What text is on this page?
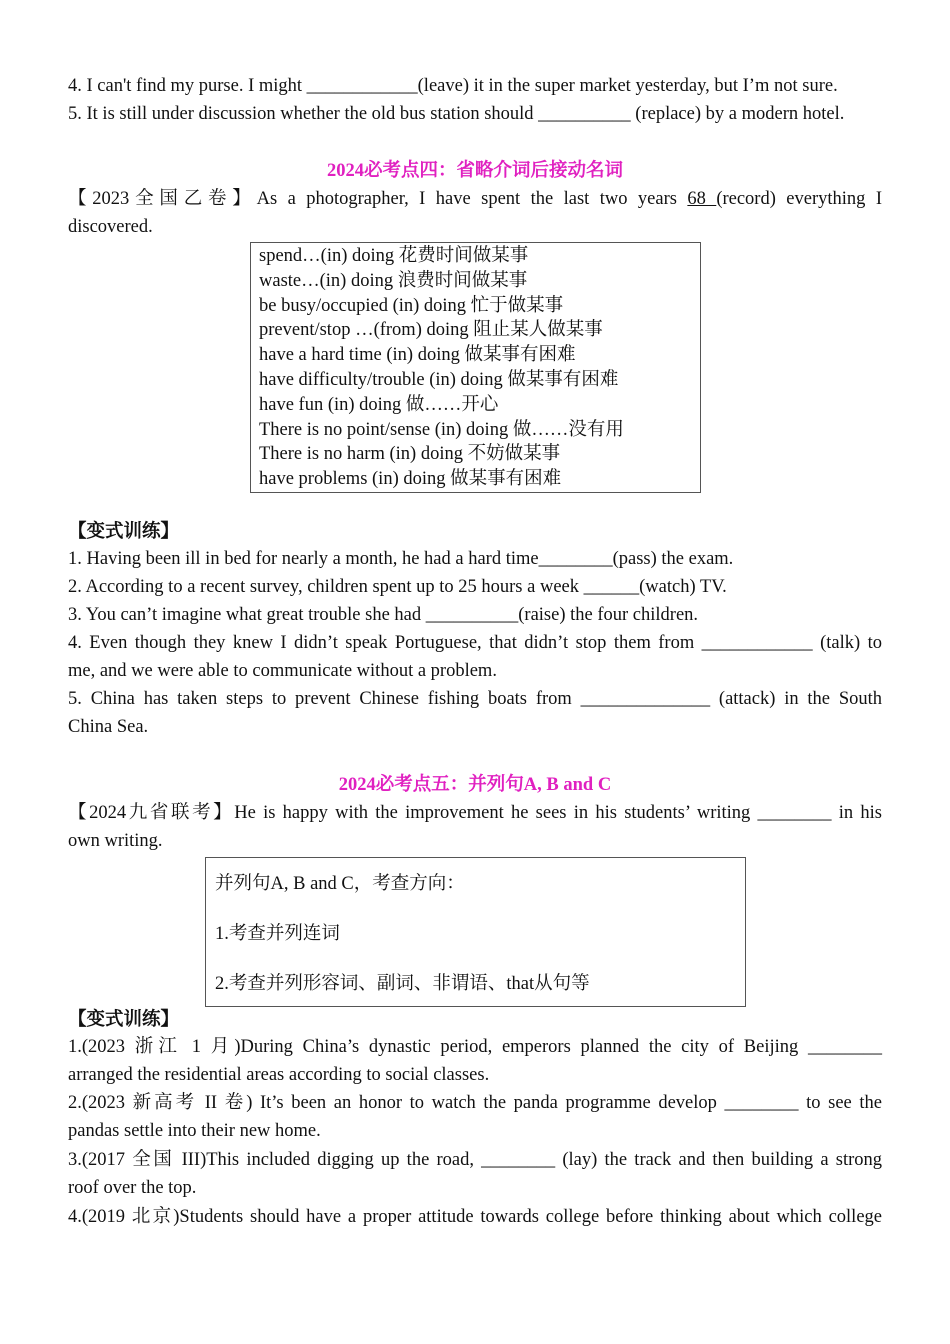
4. I can't find my purse. I might ____________(leave) it in the super market yesterday, but I’m not sure.
5. It is still under discussion whether the old bus station should __________ (replace) by a modern hotel.
2024必考点四：省略介词后接动名词
【2023全国乙卷】As a photographer, I have spent the last two years 68 (record) everything I
discovered.
spend…(in) doing 花费时间做某事
waste…(in) doing 浪费时间做某事
be busy/occupied (in) doing 忙于做某事
prevent/stop …(from) doing 阻止某人做某事
have a hard time (in) doing 做某事有困难
have difficulty/trouble (in) doing 做某事有困难
have fun (in) doing 做……开心
There is no point/sense (in) doing 做……没有用
There is no harm (in) doing 不妨做某事
have problems (in) doing 做某事有困难
【变式训练】
1. Having been ill in bed for nearly a month, he had a hard time________(pass) the exam.
2. According to a recent survey, children spent up to 25 hours a week ______(watch) TV.
3. You can’t imagine what great trouble she had __________(raise) the four children.
4. Even though they knew I didn’t speak Portuguese, that didn’t stop them from ____________ (talk) to
me, and we were able to communicate without a problem.
5. China has taken steps to prevent Chinese fishing boats from ______________ (attack) in the South
China Sea.
2024必考点五：并列句A, B and C
【2024九省联考】He is happy with the improvement he sees in his students’ writing ________ in his
own writing.
并列句A, B and C，考查方向：
1.考查并列连词
2.考查并列形容词、副词、非谓语、that从句等
【变式训练】
1.(2023 浙江 1 月)During China’s dynastic period, emperors planned the city of Beijing ________
arranged the residential areas according to social classes.
2.(2023 新高考 II 卷) It’s been an honor to watch the panda programme develop ________ to see the
pandas settle into their new home.
3.(2017 全国 III)This included digging up the road, ________ (lay) the track and then building a strong
roof over the top.
4.(2019 北京)Students should have a proper attitude towards college before thinking about which college
